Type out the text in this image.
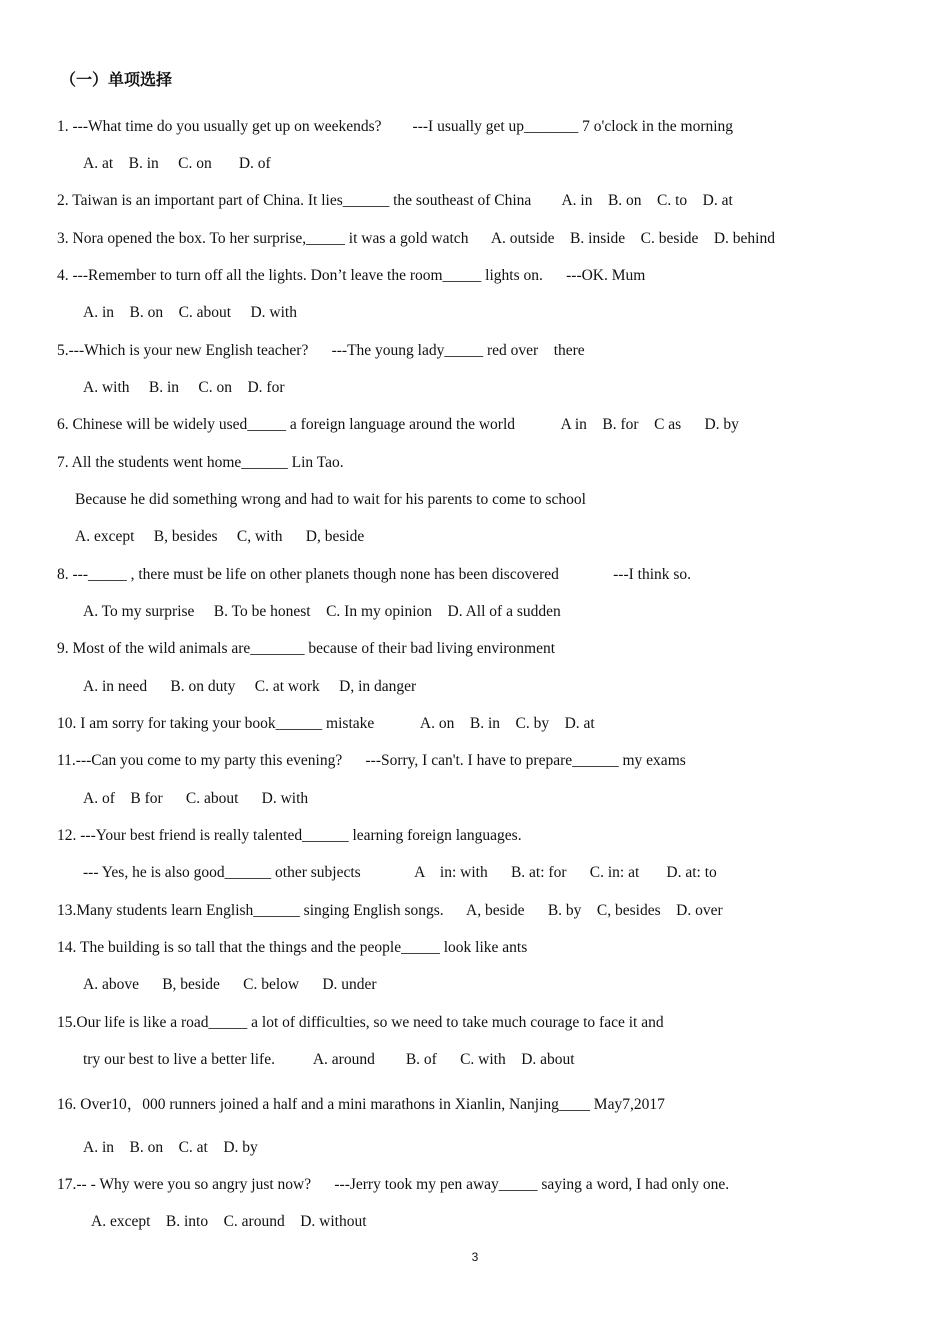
（一）单项选择
1. ---What time do you usually get up on weekends?        ---I usually get up_______ 7 o'clock in the morning
A. at    B. in     C. on       D. of
2. Taiwan is an important part of China. It lies______ the southeast of China        A. in    B. on    C. to    D. at
3. Nora opened the box. To her surprise,_____ it was a gold watch      A. outside    B. inside    C. beside    D. behind
4. ---Remember to turn off all the lights. Don’t leave the room_____ lights on.      ---OK. Mum
A. in    B. on    C. about     D. with
5.---Which is your new English teacher?      ---The young lady_____ red over    there
A. with     B. in     C. on    D. for
6. Chinese will be widely used_____ a foreign language around the world            A in    B. for    C as      D. by
7. All the students went home______ Lin Tao.
Because he did something wrong and had to wait for his parents to come to school
A. except     B, besides     C, with      D, beside
8. ---_____ , there must be life on other planets though none has been discovered              ---I think so.
A. To my surprise     B. To be honest    C. In my opinion    D. All of a sudden
9. Most of the wild animals are_______ because of their bad living environment
A. in need      B. on duty     C. at work     D, in danger
10. I am sorry for taking your book______ mistake            A. on    B. in    C. by    D. at
11.---Can you come to my party this evening?      ---Sorry, I can't. I have to prepare______ my exams
A. of    B for      C. about      D. with
12. ---Your best friend is really talented______ learning foreign languages.
--- Yes, he is also good______ other subjects              A    in: with      B. at: for      C. in: at       D. at: to
13.Many students learn English______ singing English songs.      A, beside      B. by    C, besides    D. over
14. The building is so tall that the things and the people_____ look like ants
A. above      B, beside      C. below      D. under
15.Our life is like a road_____ a lot of difficulties, so we need to take much courage to face it and
try our best to live a better life.          A. around        B. of      C. with    D. about
16. Over10，000 runners joined a half and a mini marathons in Xianlin, Nanjing____ May7,2017
A. in    B. on    C. at    D. by
17.-- - Why were you so angry just now?      ---Jerry took my pen away_____ saying a word, I had only one.
A. except    B. into    C. around    D. without
3
